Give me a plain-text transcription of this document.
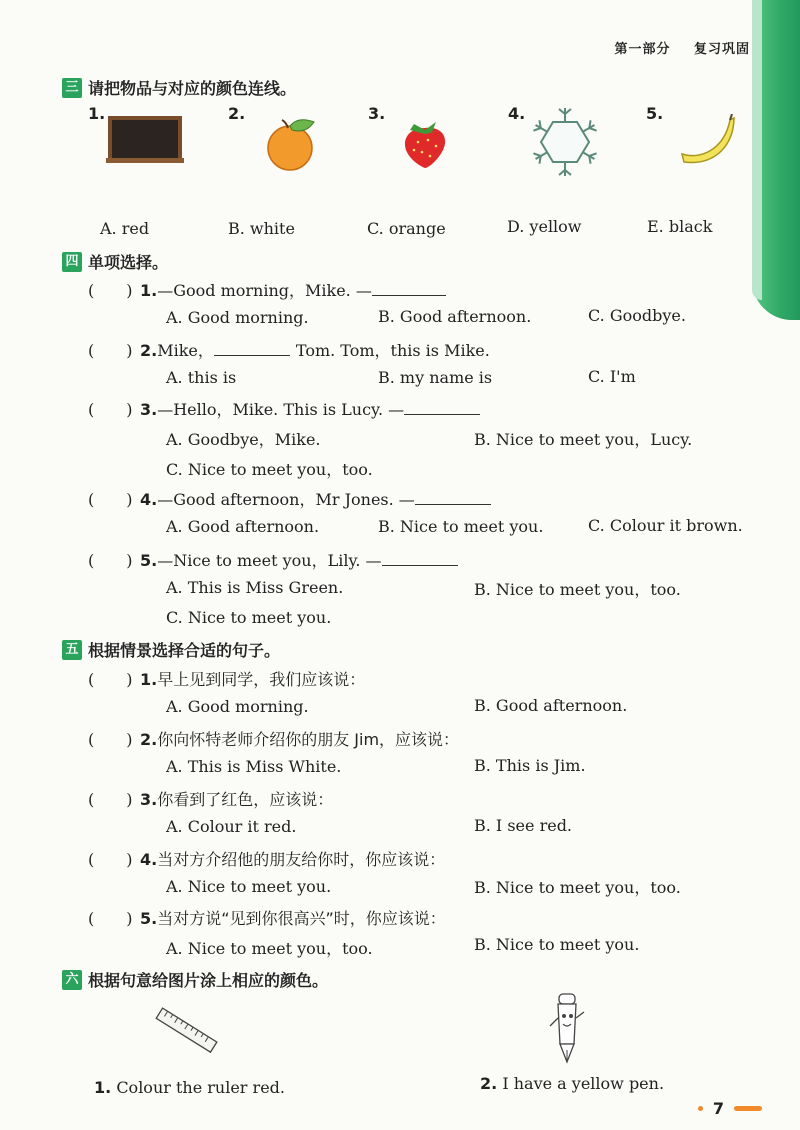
第一部分 复习巩固
三 请把物品与对应的颜色连线。
1.	2.	3.	4.	5.
A. red	B. white	C. orange	D. yellow	E. black
四 单项选择。
(　　) 1.—Good morning，Mike. —
A. Good morning.	B. Good afternoon.	C. Goodbye.
(　　) 2.Mike，	Tom. Tom，this is Mike.
A. this is	B. my name is	C. I'm
(　　) 3.—Hello，Mike. This is Lucy. —
A. Goodbye，Mike.	B. Nice to meet you，Lucy.
C. Nice to meet you，too.
(　　) 4.—Good afternoon，Mr Jones. —
A. Good afternoon.	B. Nice to meet you.	C. Colour it brown.
(　　) 5.—Nice to meet you，Lily. —
A. This is Miss Green.	B. Nice to meet you，too.
C. Nice to meet you.
五 根据情景选择合适的句子。
(　　) 1.早上见到同学，我们应该说：
A. Good morning.	B. Good afternoon.
(　　) 2.你向怀特老师介绍你的朋友 Jim，应该说：
A. This is Miss White.	B. This is Jim.
(　　) 3.你看到了红色，应该说：
A. Colour it red.	B. I see red.
(　　) 4.当对方介绍他的朋友给你时，你应该说：
A. Nice to meet you.	B. Nice to meet you，too.
(　　) 5.当对方说“见到你很高兴”时，你应该说：
A. Nice to meet you，too.	B. Nice to meet you.
六 根据句意给图片涂上相应的颜色。
1. Colour the ruler red.	2. I have a yellow pen.
7
